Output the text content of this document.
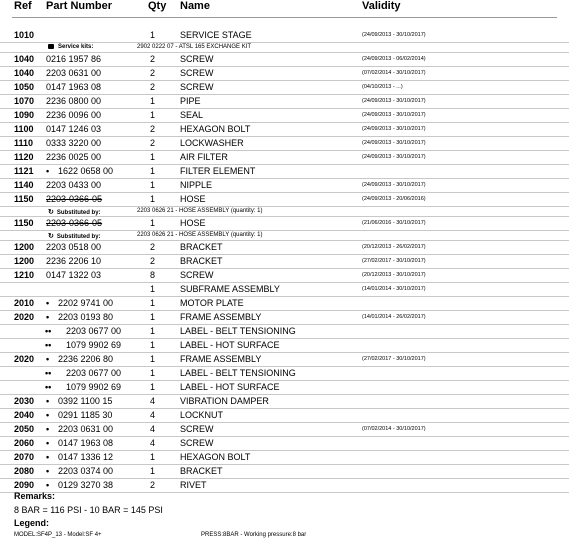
Ref Part Number	Qty Name	Validity
1010	1	SERVICE STAGE	(24/09/2013 - 30/10/2017)
Service kits:	2902 0222 07 - ATSL 165 EXCHANGE KIT
1040 0216 1957 86	2	SCREW	(24/09/2013 - 06/02/2014)
1040 2203 0631 00	2	SCREW	(07/02/2014 - 30/10/2017)
1050 0147 1963 08	2	SCREW	(04/10/2013 - ...)
1070 2236 0800 00	1	PIPE	(24/09/2013 - 30/10/2017)
1090 2236 0096 00	1	SEAL	(24/09/2013 - 30/10/2017)
1100 0147 1246 03	2	HEXAGON BOLT	(24/09/2013 - 30/10/2017)
1110 0333 3220 00	2	LOCKWASHER	(24/09/2013 - 30/10/2017)
1120 2236 0025 00	1	AIR FILTER	(24/09/2013 - 30/10/2017)
1121 • 1622 0658 00	1	FILTER ELEMENT
1140 2203 0433 00	1	NIPPLE	(24/09/2013 - 30/10/2017)
1150 2203-0366-05	1	HOSE	(24/09/2013 - 20/06/2016)
↻ Substituted by:	2203 0626 21 - HOSE ASSEMBLY (quantity: 1)
1150 2203-0366-05	1	HOSE	(21/06/2016 - 30/10/2017)
↻ Substituted by:	2203 0626 21 - HOSE ASSEMBLY (quantity: 1)
1200 2203 0518 00	2	BRACKET	(20/12/2013 - 26/02/2017)
1200 2236 2206 10	2	BRACKET	(27/02/2017 - 30/10/2017)
1210 0147 1322 03	8	SCREW	(20/12/2013 - 30/10/2017)
1	SUBFRAME ASSEMBLY	(14/01/2014 - 30/10/2017)
2010 • 2202 9741 00	1	MOTOR PLATE
2020 • 2203 0193 80	1	FRAME ASSEMBLY	(14/01/2014 - 26/02/2017)
•• 2203 0677 00	1	LABEL - BELT TENSIONING
•• 1079 9902 69	1	LABEL - HOT SURFACE
2020 • 2236 2206 80	1	FRAME ASSEMBLY	(27/02/2017 - 30/10/2017)
•• 2203 0677 00	1	LABEL - BELT TENSIONING
•• 1079 9902 69	1	LABEL - HOT SURFACE
2030 • 0392 1100 15	4	VIBRATION DAMPER
2040 • 0291 1185 30	4	LOCKNUT
2050 • 2203 0631 00	4	SCREW	(07/02/2014 - 30/10/2017)
2060 • 0147 1963 08	4	SCREW
2070 • 0147 1336 12	1	HEXAGON BOLT
2080 • 2203 0374 00	1	BRACKET
2090 • 0129 3270 38	2	RIVET
Remarks:
8 BAR = 116 PSI - 10 BAR = 145 PSI
Legend:
MODEL:SF4P_13 - Model:SF 4+	PRESS:8BAR - Working pressure:8 bar
